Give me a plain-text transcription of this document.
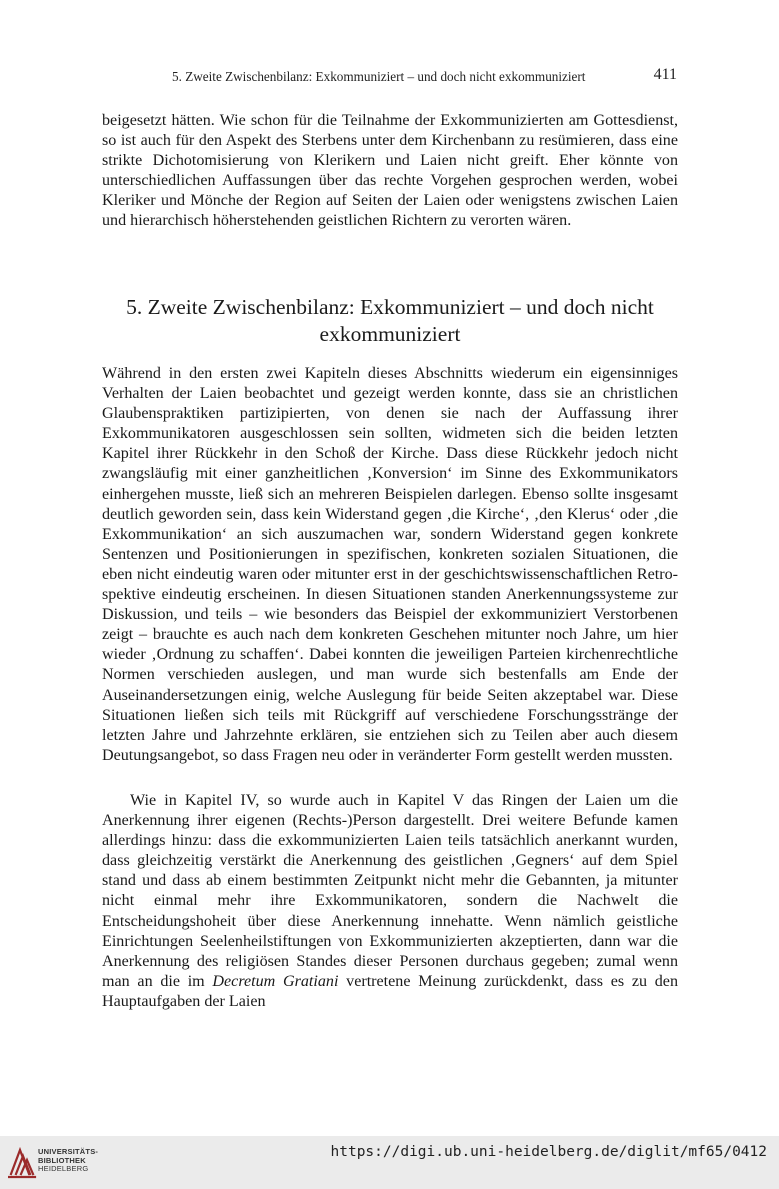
5. Zweite Zwischenbilanz: Exkommuniziert – und doch nicht exkommuniziert	411

beigesetzt hätten. Wie schon für die Teilnahme der Exkommunizierten am Gottesdienst, so ist auch für den Aspekt des Sterbens unter dem Kirchenbann zu resümieren, dass eine strikte Dichotomisierung von Klerikern und Laien nicht greift. Eher könnte von unterschiedlichen Auffassungen über das rechte Vorgehen gesprochen werden, wobei Kleriker und Mönche der Region auf Seiten der Laien oder wenigstens zwischen Laien und hierarchisch höherstehenden geistlichen Richtern zu verorten wären.

5. Zweite Zwischenbilanz: Exkommuniziert – und doch nicht exkommuniziert

Während in den ersten zwei Kapiteln dieses Abschnitts wiederum ein eigensinniges Verhalten der Laien beobachtet und gezeigt werden konnte, dass sie an christlichen Glaubenspraktiken partizipierten, von denen sie nach der Auffassung ihrer Exkommunikatoren ausgeschlossen sein sollten, widmeten sich die beiden letzten Kapitel ihrer Rückkehr in den Schoß der Kirche. Dass diese Rückkehr jedoch nicht zwangsläufig mit einer ganzheitlichen ‚Konversion‘ im Sinne des Exkommunikators einhergehen musste, ließ sich an mehreren Beispielen darlegen. Ebenso sollte insgesamt deutlich geworden sein, dass kein Widerstand gegen ‚die Kirche‘, ‚den Klerus‘ oder ‚die Exkommunikation‘ an sich auszumachen war, sondern Widerstand gegen konkrete Sentenzen und Positionierungen in spezifischen, konkreten sozialen Situationen, die eben nicht eindeutig waren oder mitunter erst in der geschichtswissenschaftlichen Retrospektive eindeutig erscheinen. In diesen Situationen standen Anerkennungssysteme zur Diskussion, und teils – wie besonders das Beispiel der exkommuniziert Verstorbenen zeigt – brauchte es auch nach dem konkreten Geschehen mitunter noch Jahre, um hier wieder ‚Ordnung zu schaffen‘. Dabei konnten die jeweiligen Parteien kirchenrechtliche Normen verschieden auslegen, und man wurde sich bestenfalls am Ende der Auseinandersetzungen einig, welche Auslegung für beide Seiten akzeptabel war. Diese Situationen ließen sich teils mit Rückgriff auf verschiedene Forschungsstränge der letzten Jahre und Jahrzehnte erklären, sie entziehen sich zu Teilen aber auch diesem Deutungsangebot, so dass Fragen neu oder in veränderter Form gestellt werden mussten.

Wie in Kapitel IV, so wurde auch in Kapitel V das Ringen der Laien um die Anerkennung ihrer eigenen (Rechts-)Person dargestellt. Drei weitere Befunde kamen allerdings hinzu: dass die exkommunizierten Laien teils tatsächlich anerkannt wurden, dass gleichzeitig verstärkt die Anerkennung des geistlichen ‚Gegners‘ auf dem Spiel stand und dass ab einem bestimmten Zeitpunkt nicht mehr die Gebannten, ja mitunter nicht einmal mehr ihre Exkommunikatoren, sondern die Nachwelt die Entscheidungshoheit über diese Anerkennung innehatte. Wenn nämlich geistliche Einrichtungen Seelenheilstiftungen von Exkommunizierten akzeptierten, dann war die Anerkennung des religiösen Standes dieser Personen durchaus gegeben; zumal wenn man an die im Decretum Gratiani vertretene Meinung zurückdenkt, dass es zu den Hauptaufgaben der Laien

UNIVERSITÄTS-
BIBLIOTHEK
HEIDELBERG
https://digi.ub.uni-heidelberg.de/diglit/mf65/0412
